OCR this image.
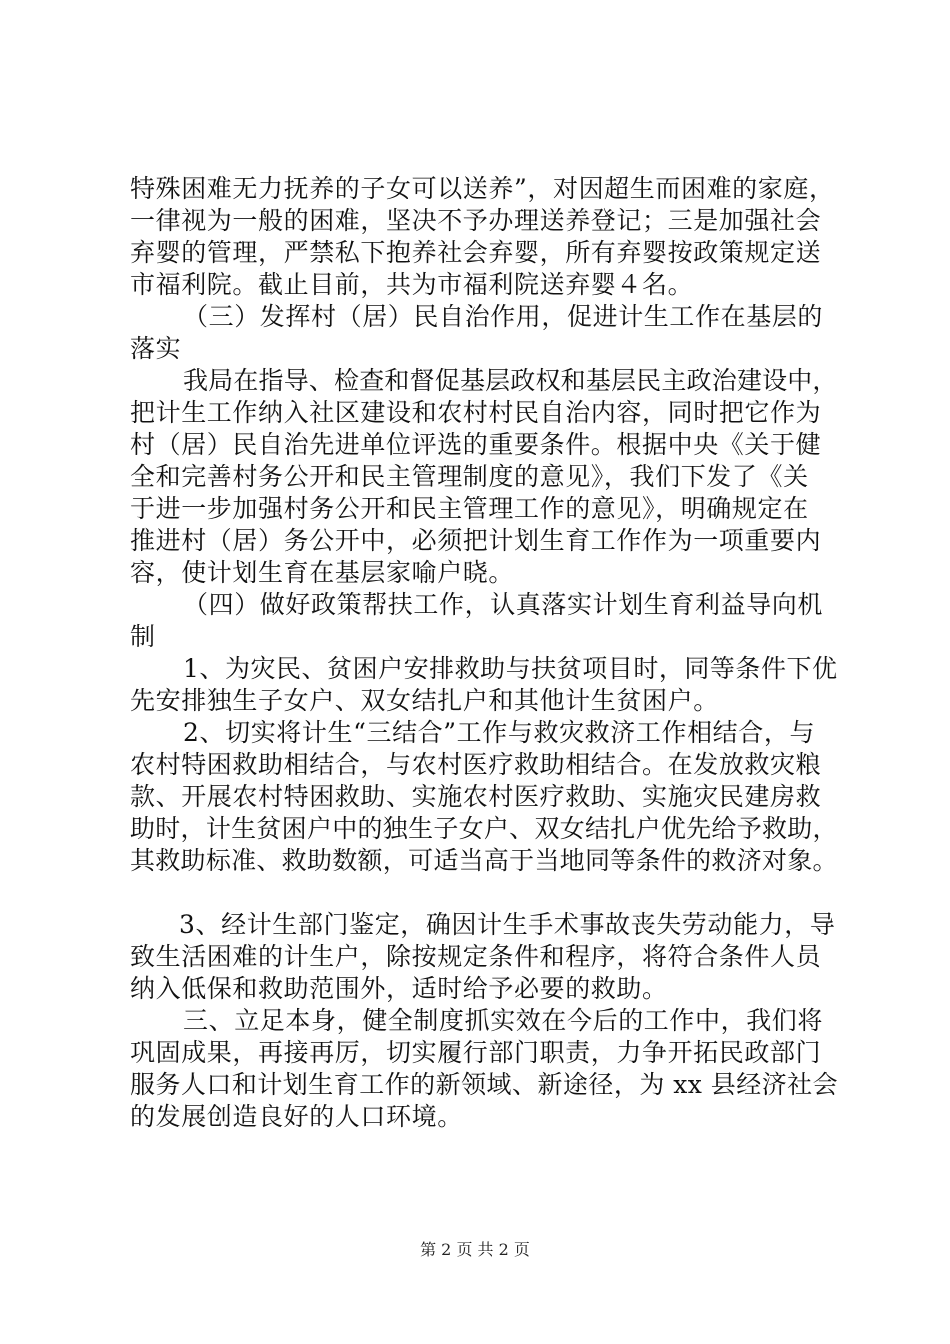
特殊困难无力抚养的子女可以送养”，对因超生而困难的家庭，
一律视为一般的困难，坚决不予办理送养登记；三是加强社会
弃婴的管理，严禁私下抱养社会弃婴，所有弃婴按政策规定送
市福利院。截止目前，共为市福利院送弃婴４名。
（三）发挥村（居）民自治作用，促进计生工作在基层的
落实
我局在指导、检查和督促基层政权和基层民主政治建设中，
把计生工作纳入社区建设和农村村民自治内容，同时把它作为
村（居）民自治先进单位评选的重要条件。根据中央《关于健
全和完善村务公开和民主管理制度的意见》，我们下发了《关
于进一步加强村务公开和民主管理工作的意见》，明确规定在
推进村（居）务公开中，必须把计划生育工作作为一项重要内
容，使计划生育在基层家喻户晓。
（四）做好政策帮扶工作，认真落实计划生育利益导向机
制
1、为灾民、贫困户安排救助与扶贫项目时，同等条件下优
先安排独生子女户、双女结扎户和其他计生贫困户。
2、切实将计生“三结合”工作与救灾救济工作相结合，与
农村特困救助相结合，与农村医疗救助相结合。在发放救灾粮
款、开展农村特困救助、实施农村医疗救助、实施灾民建房救
助时，计生贫困户中的独生子女户、双女结扎户优先给予救助，
其救助标准、救助数额，可适当高于当地同等条件的救济对象。
3、经计生部门鉴定，确因计生手术事故丧失劳动能力，导
致生活困难的计生户，除按规定条件和程序，将符合条件人员
纳入低保和救助范围外，适时给予必要的救助。
三、立足本身，健全制度抓实效在今后的工作中，我们将
巩固成果，再接再厉，切实履行部门职责，力争开拓民政部门
服务人口和计划生育工作的新领域、新途径，为 xx 县经济社会
的发展创造良好的人口环境。
第 2 页 共 2 页
